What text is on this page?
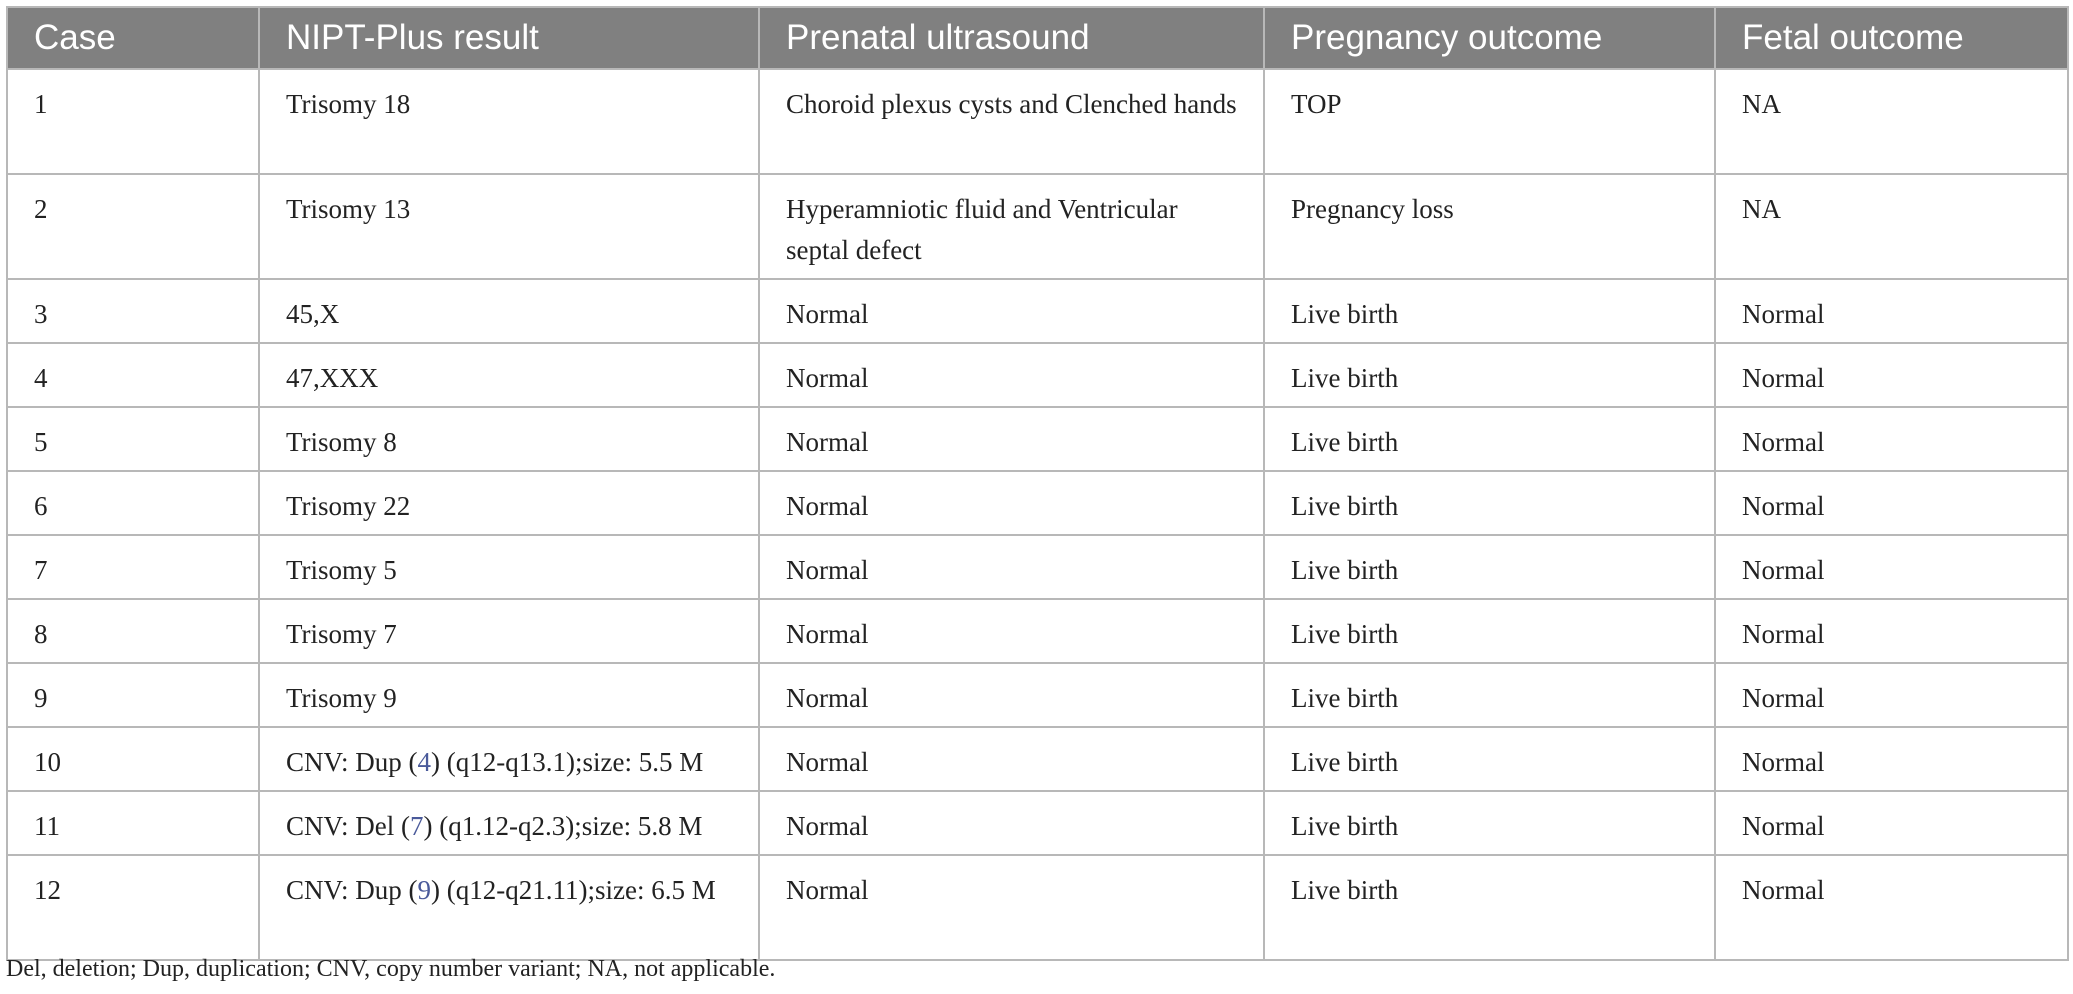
Case	NIPT-Plus result	Prenatal ultrasound	Pregnancy outcome	Fetal outcome
1	Trisomy 18	Choroid plexus cysts and Clenched hands	TOP	NA
2	Trisomy 13	Hyperamniotic fluid and Ventricular septal defect	Pregnancy loss	NA
3	45,X	Normal	Live birth	Normal
4	47,XXX	Normal	Live birth	Normal
5	Trisomy 8	Normal	Live birth	Normal
6	Trisomy 22	Normal	Live birth	Normal
7	Trisomy 5	Normal	Live birth	Normal
8	Trisomy 7	Normal	Live birth	Normal
9	Trisomy 9	Normal	Live birth	Normal
10	CNV: Dup (4) (q12-q13.1);size: 5.5 M	Normal	Live birth	Normal
11	CNV: Del (7) (q1.12-q2.3);size: 5.8 M	Normal	Live birth	Normal
12	CNV: Dup (9) (q12-q21.11);size: 6.5 M	Normal	Live birth	Normal
Del, deletion; Dup, duplication; CNV, copy number variant; NA, not applicable.
